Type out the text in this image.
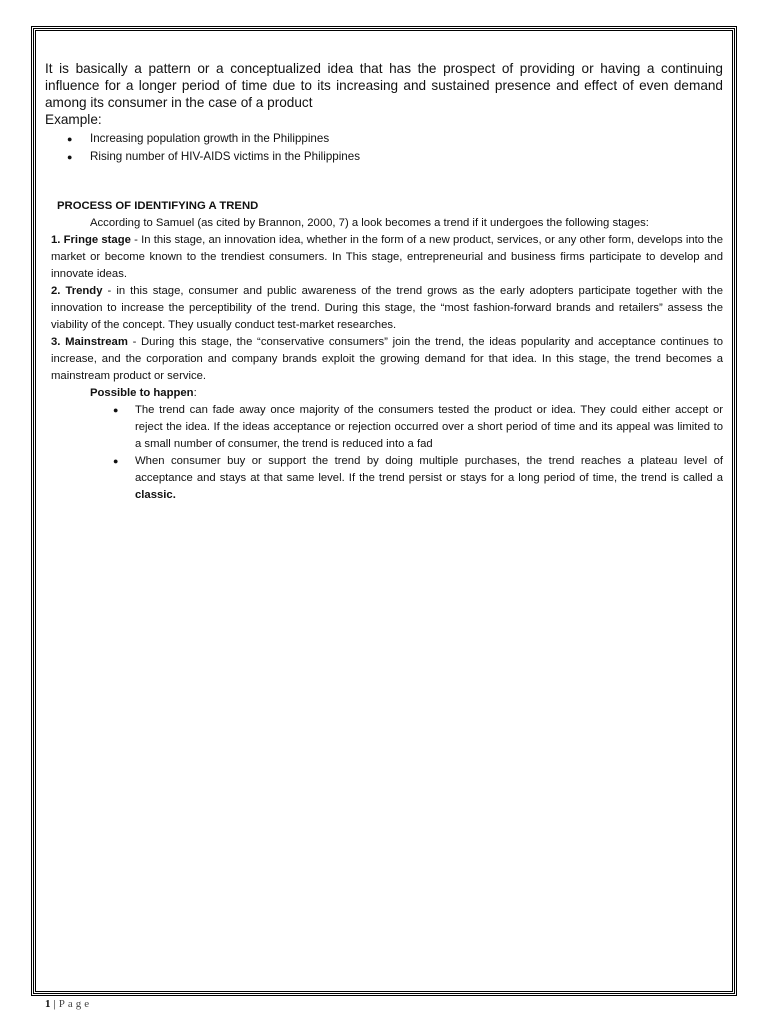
It is basically a pattern or a conceptualized idea that has the prospect of providing or having a continuing influence for a longer period of time due to its increasing and sustained presence and effect of even demand among its consumer in the case of a product

Example:

● Increasing population growth in the Philippines
● Rising number of HIV-AIDS victims in the Philippines

PROCESS OF IDENTIFYING A TREND

According to Samuel (as cited by Brannon, 2000, 7) a look becomes a trend if it undergoes the following stages:

1. Fringe stage - In this stage, an innovation idea, whether in the form of a new product, services, or any other form, develops into the market or become known to the trendiest consumers. In This stage, entrepreneurial and business firms participate to develop and innovate ideas.

2. Trendy - in this stage, consumer and public awareness of the trend grows as the early adopters participate together with the innovation to increase the perceptibility of the trend. During this stage, the “most fashion-forward brands and retailers” assess the viability of the concept. They usually conduct test-market researches.

3. Mainstream - During this stage, the “conservative consumers” join the trend, the ideas popularity and acceptance continues to increase, and the corporation and company brands exploit the growing demand for that idea. In this stage, the trend becomes a mainstream product or service.

Possible to happen:

● The trend can fade away once majority of the consumers tested the product or idea. They could either accept or reject the idea. If the ideas acceptance or rejection occurred over a short period of time and its appeal was limited to a small number of consumer, the trend is reduced into a fad
● When consumer buy or support the trend by doing multiple purchases, the trend reaches a plateau level of acceptance and stays at that same level. If the trend persist or stays for a long period of time, the trend is called a classic.
1 | Page
